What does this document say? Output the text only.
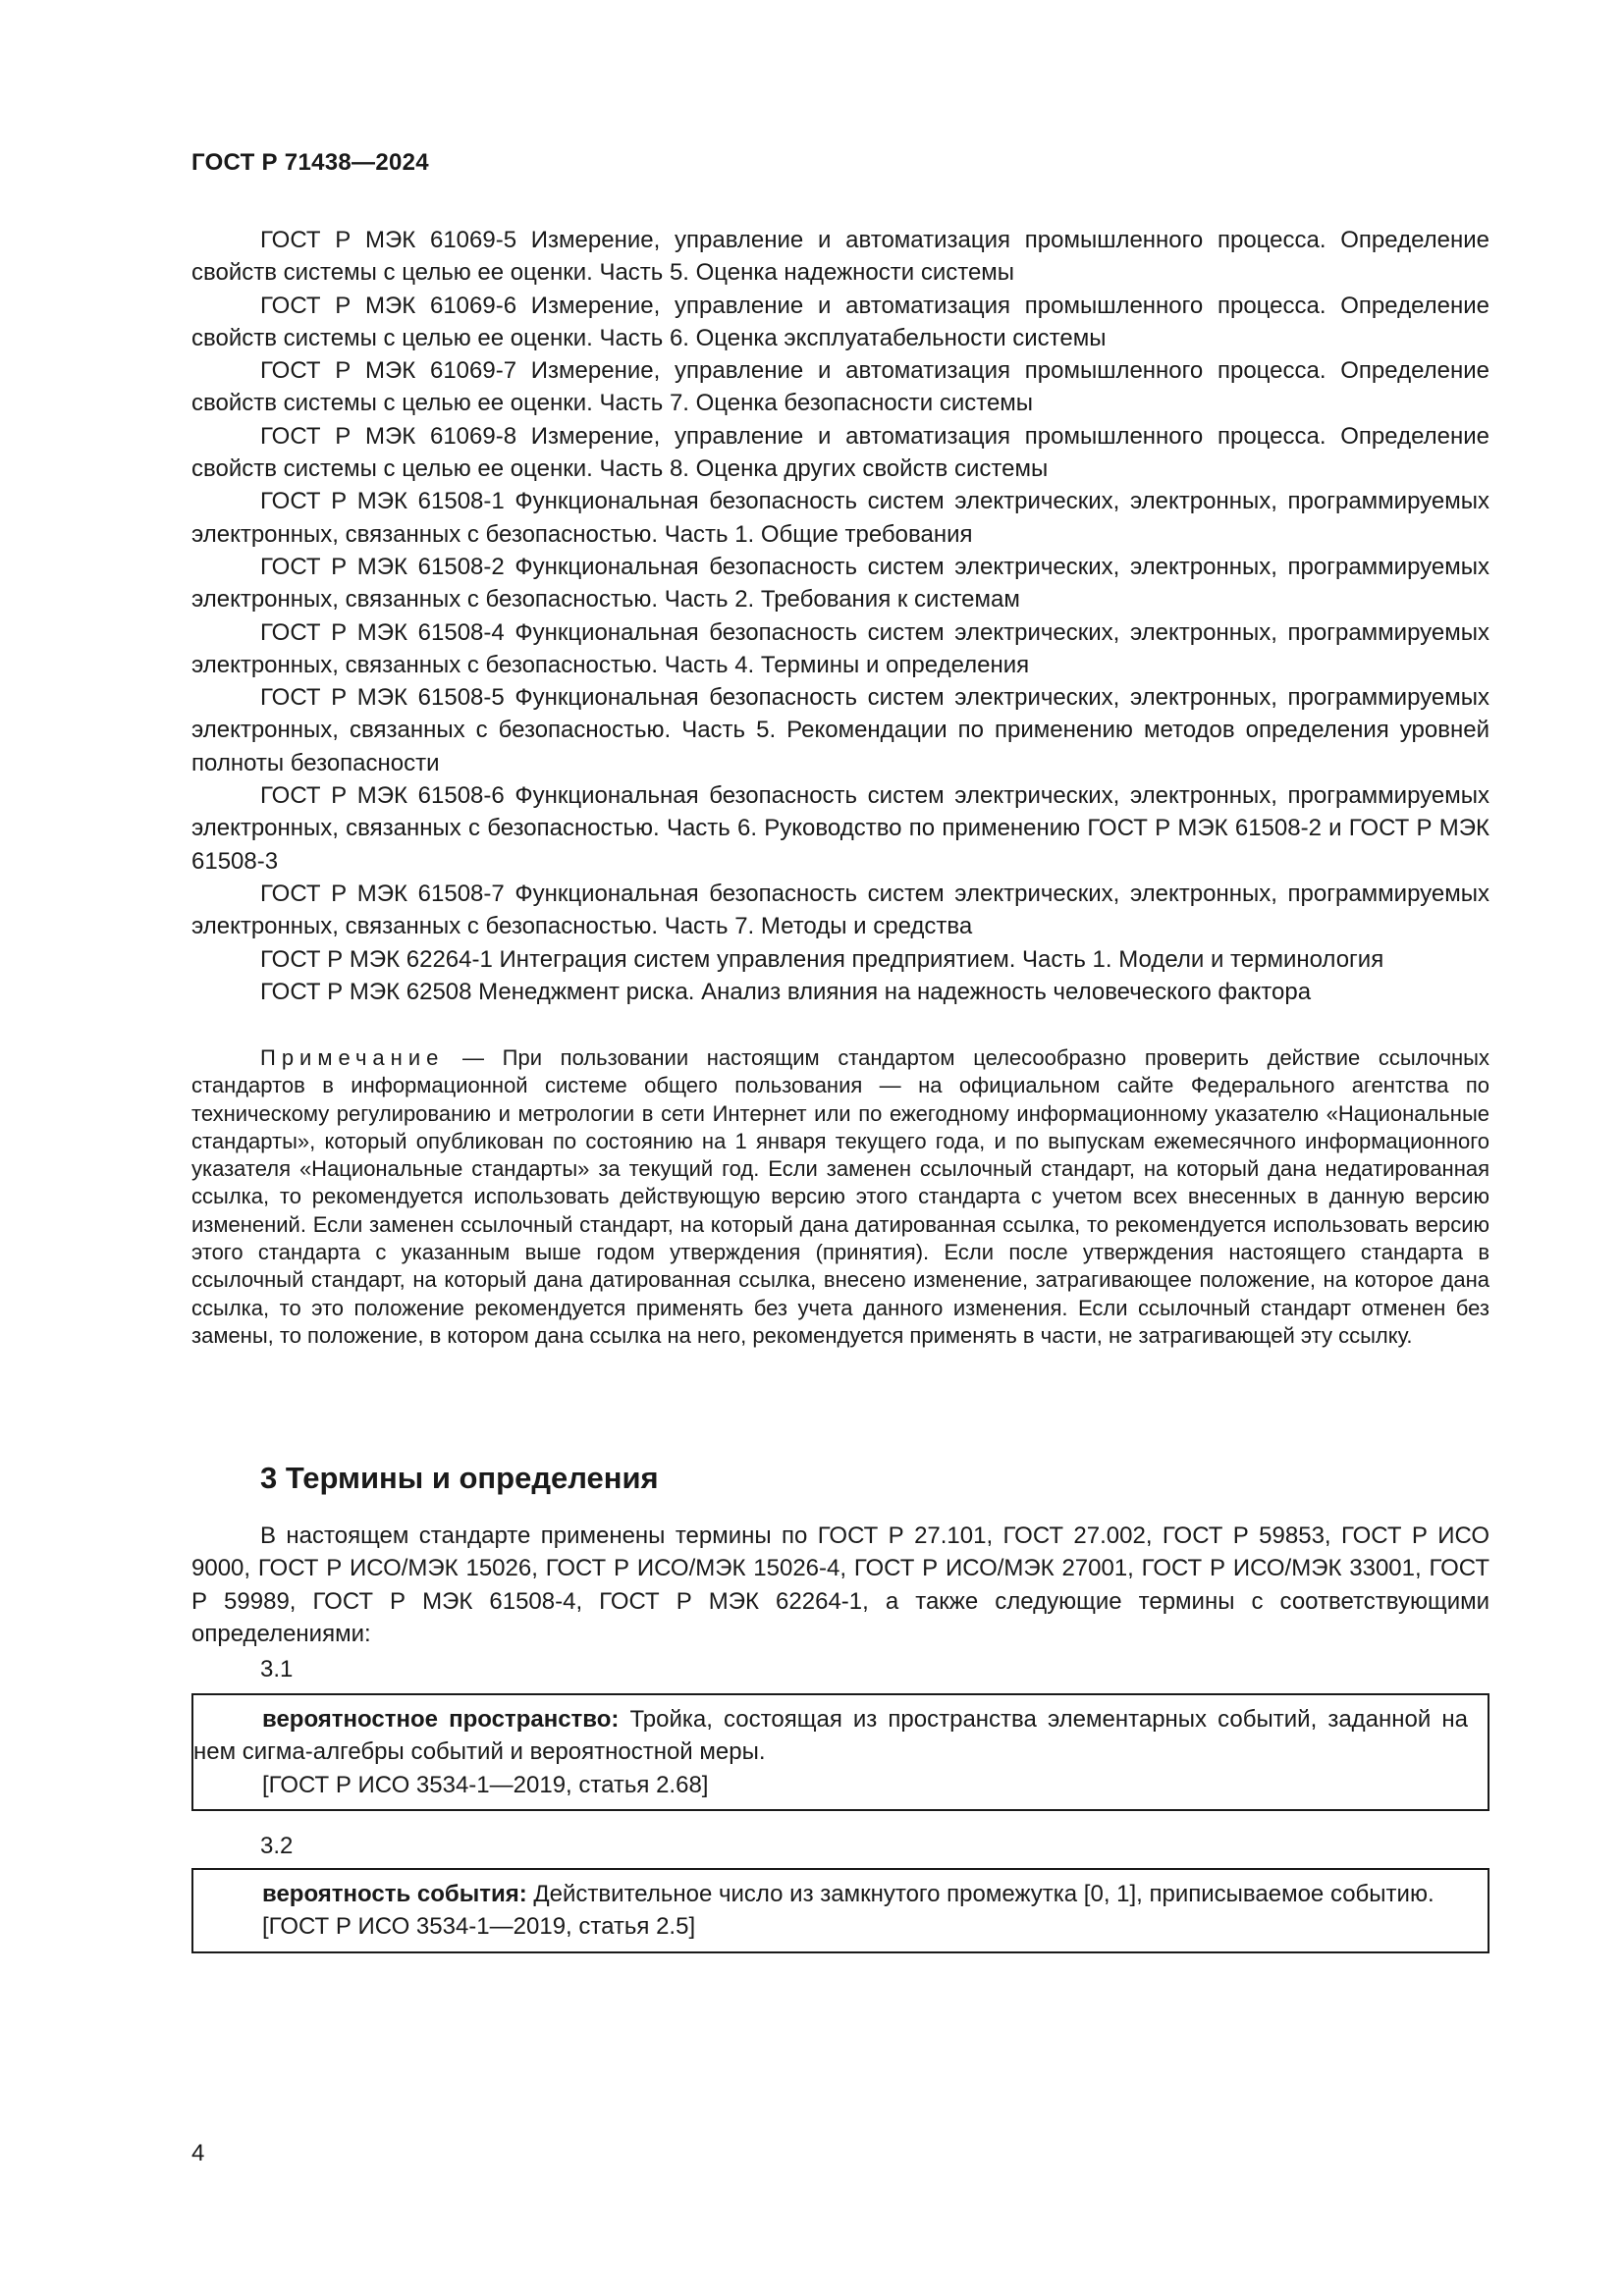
ГОСТ Р 71438—2024

ГОСТ Р МЭК 61069-5 Измерение, управление и автоматизация промышленного процесса. Определение свойств системы с целью ее оценки. Часть 5. Оценка надежности системы

ГОСТ Р МЭК 61069-6 Измерение, управление и автоматизация промышленного процесса. Определение свойств системы с целью ее оценки. Часть 6. Оценка эксплуатабельности системы

ГОСТ Р МЭК 61069-7 Измерение, управление и автоматизация промышленного процесса. Определение свойств системы с целью ее оценки. Часть 7. Оценка безопасности системы

ГОСТ Р МЭК 61069-8 Измерение, управление и автоматизация промышленного процесса. Определение свойств системы с целью ее оценки. Часть 8. Оценка других свойств системы

ГОСТ Р МЭК 61508-1 Функциональная безопасность систем электрических, электронных, программируемых электронных, связанных с безопасностью. Часть 1. Общие требования

ГОСТ Р МЭК 61508-2 Функциональная безопасность систем электрических, электронных, программируемых электронных, связанных с безопасностью. Часть 2. Требования к системам

ГОСТ Р МЭК 61508-4 Функциональная безопасность систем электрических, электронных, программируемых электронных, связанных с безопасностью. Часть 4. Термины и определения

ГОСТ Р МЭК 61508-5 Функциональная безопасность систем электрических, электронных, программируемых электронных, связанных с безопасностью. Часть 5. Рекомендации по применению методов определения уровней полноты безопасности

ГОСТ Р МЭК 61508-6 Функциональная безопасность систем электрических, электронных, программируемых электронных, связанных с безопасностью. Часть 6. Руководство по применению ГОСТ Р МЭК 61508-2 и ГОСТ Р МЭК 61508-3

ГОСТ Р МЭК 61508-7 Функциональная безопасность систем электрических, электронных, программируемых электронных, связанных с безопасностью. Часть 7. Методы и средства

ГОСТ Р МЭК 62264-1 Интеграция систем управления предприятием. Часть 1. Модели и терминология

ГОСТ Р МЭК 62508 Менеджмент риска. Анализ влияния на надежность человеческого фактора

Примечание — При пользовании настоящим стандартом целесообразно проверить действие ссылочных стандартов в информационной системе общего пользования — на официальном сайте Федерального агентства по техническому регулированию и метрологии в сети Интернет или по ежегодному информационному указателю «Национальные стандарты», который опубликован по состоянию на 1 января текущего года, и по выпускам ежемесячного информационного указателя «Национальные стандарты» за текущий год. Если заменен ссылочный стандарт, на который дана недатированная ссылка, то рекомендуется использовать действующую версию этого стандарта с учетом всех внесенных в данную версию изменений. Если заменен ссылочный стандарт, на который дана датированная ссылка, то рекомендуется использовать версию этого стандарта с указанным выше годом утверждения (принятия). Если после утверждения настоящего стандарта в ссылочный стандарт, на который дана датированная ссылка, внесено изменение, затрагивающее положение, на которое дана ссылка, то это положение рекомендуется применять без учета данного изменения. Если ссылочный стандарт отменен без замены, то положение, в котором дана ссылка на него, рекомендуется применять в части, не затрагивающей эту ссылку.

3 Термины и определения

В настоящем стандарте применены термины по ГОСТ Р 27.101, ГОСТ 27.002, ГОСТ Р 59853, ГОСТ Р ИСО 9000, ГОСТ Р ИСО/МЭК 15026, ГОСТ Р ИСО/МЭК 15026-4, ГОСТ Р ИСО/МЭК 27001, ГОСТ Р ИСО/МЭК 33001, ГОСТ Р 59989, ГОСТ Р МЭК 61508-4, ГОСТ Р МЭК 62264-1, а также следующие термины с соответствующими определениями:

3.1

вероятностное пространство: Тройка, состоящая из пространства элементарных событий, заданной на нем сигма-алгебры событий и вероятностной меры.

[ГОСТ Р ИСО 3534-1—2019, статья 2.68]

3.2

вероятность события: Действительное число из замкнутого промежутка [0, 1], приписываемое событию.

[ГОСТ Р ИСО 3534-1—2019, статья 2.5]

4
